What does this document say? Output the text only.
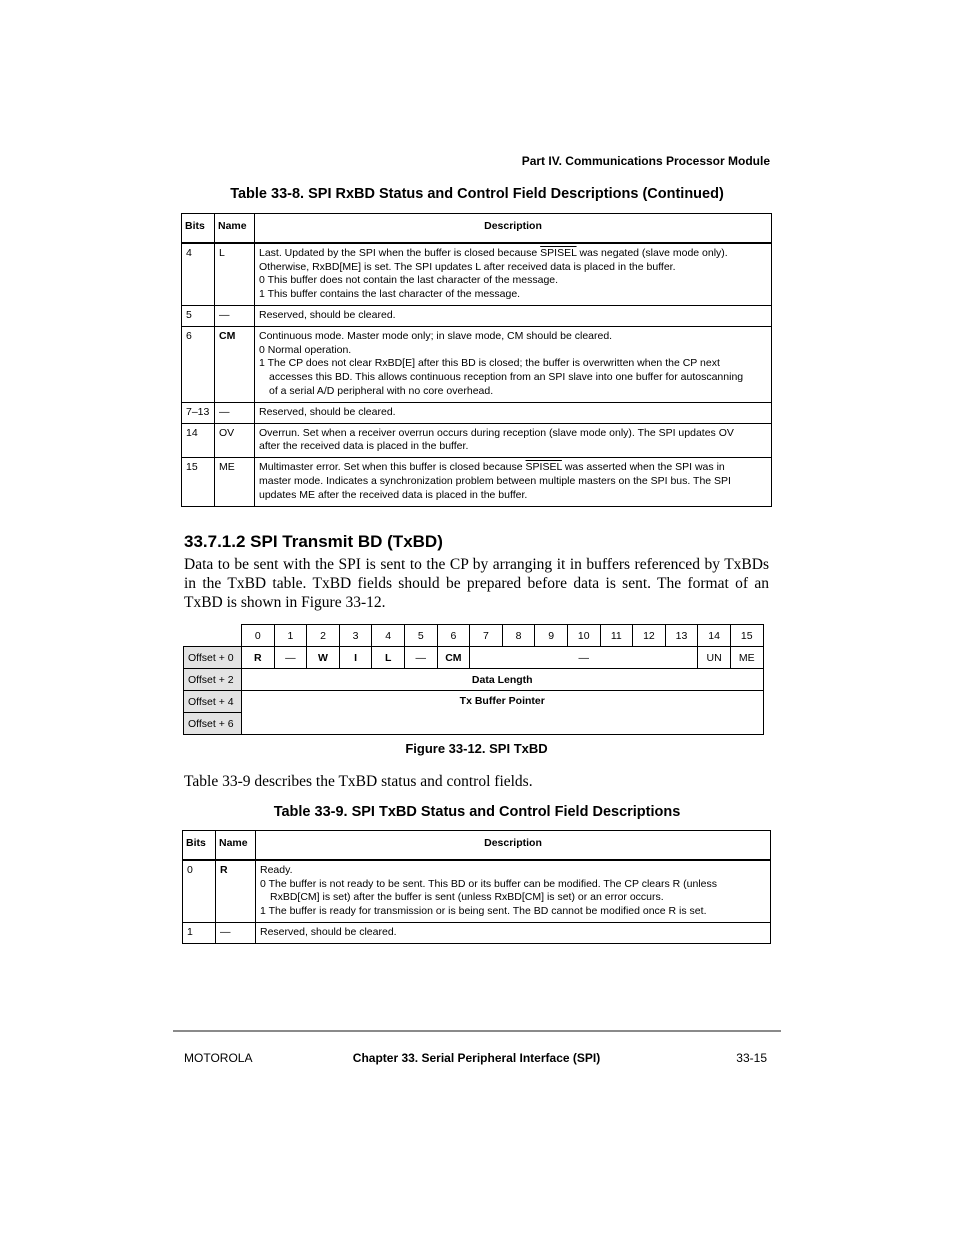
Part IV. Communications Processor Module
Table 33-8. SPI RxBD Status and Control Field Descriptions (Continued)
Bits	Name	Description
4	L	Last. Updated by the SPI when the buffer is closed because SPISEL was negated (slave mode only).
Otherwise, RxBD[ME] is set. The SPI updates L after received data is placed in the buffer.
0 This buffer does not contain the last character of the message.
1 This buffer contains the last character of the message.

5	—	Reserved, should be cleared.

6	CM	Continuous mode. Master mode only; in slave mode, CM should be cleared.
0 Normal operation.
1 The CP does not clear RxBD[E] after this BD is closed; the buffer is overwritten when the CP next
accesses this BD. This allows continuous reception from an SPI slave into one buffer for autoscanning
of a serial A/D peripheral with no core overhead.

7–13	—	Reserved, should be cleared.

14	OV	Overrun. Set when a receiver overrun occurs during reception (slave mode only). The SPI updates OV
after the received data is placed in the buffer.

15	ME	Multimaster error. Set when this buffer is closed because SPISEL was asserted when the SPI was in
master mode. Indicates a synchronization problem between multiple masters on the SPI bus. The SPI
updates ME after the received data is placed in the buffer.
33.7.1.2 SPI Transmit BD (TxBD)
Data to be sent with the SPI is sent to the CP by arranging it in buffers referenced by TxBDs in the TxBD table. TxBD fields should be prepared before data is sent. The format of an TxBD is shown in Figure 33-12.
	0	1	2	3	4	5	6	7	8	9	10	11	12	13	14	15
Offset + 0	R	—	W	I	L	—	CM	—							UN	ME
Offset + 2	Data Length															
Offset + 4	Tx Buffer Pointer															
Offset + 6																
Figure 33-12. SPI TxBD
Table 33-9 describes the TxBD status and control fields.
Table 33-9. SPI TxBD Status and Control Field Descriptions
Bits	Name	Description
0	R	Ready.
0 The buffer is not ready to be sent. This BD or its buffer can be modified. The CP clears R (unless
RxBD[CM] is set) after the buffer is sent (unless RxBD[CM] is set) or an error occurs.
1 The buffer is ready for transmission or is being sent. The BD cannot be modified once R is set.

1	—	Reserved, should be cleared.
MOTOROLA	Chapter 33. Serial Peripheral Interface (SPI)	33-15
